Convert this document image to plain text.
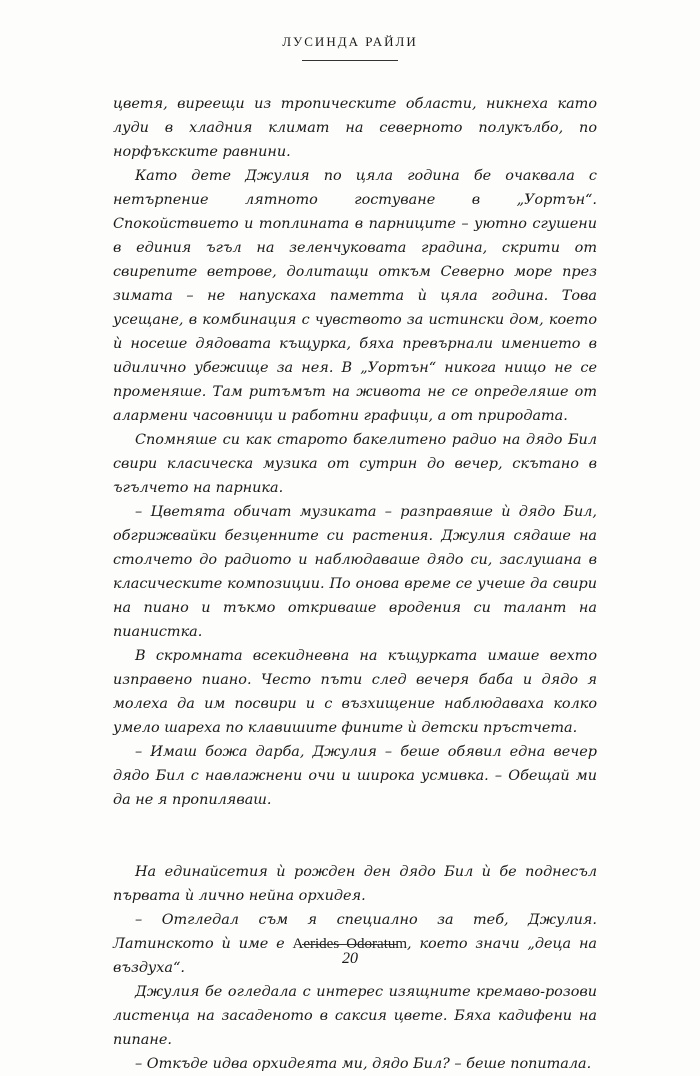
ЛУСИНДА РАЙЛИ

цветя, виреещи из тропическите области, никнеха като луди в хладния климат на северното полукълбо, по норфъкските равнини.

Като дете Джулия по цяла година бе очаквала с нетърпение лятното гостуване в „Уортън“. Спокойствието и топлината в парниците – уютно сгушени в единия ъгъл на зеленчуковата градина, скрити от свирепите ветрове, долитащи откъм Северно море през зимата – не напускаха паметта ѝ цяла година. Това усещане, в комбинация с чувството за истински дом, което ѝ носеше дядовата къщурка, бяха превърнали имението в идилично убежище за нея. В „Уортън“ никога нищо не се променяше. Там ритъмът на живота не се определяше от алармени часовници и работни графици, а от природата.

Спомняше си как старото бакелитено радио на дядо Бил свири класическа музика от сутрин до вечер, скътано в ъгълчето на парника.

– Цветята обичат музиката – разправяше ѝ дядо Бил, обгрижвайки безценните си растения. Джулия сядаше на столчето до радиото и наблюдаваше дядо си, заслушана в класическите композиции. По онова време се учеше да свири на пиано и тъкмо откриваше вродения си талант на пианистка.

В скромната всекидневна на къщурката имаше вехто изправено пиано. Често пъти след вечеря баба и дядо я молеха да им посвири и с възхищение наблюдаваха колко умело шареха по клавишите фините ѝ детски пръстчета.

– Имаш божа дарба, Джулия – беше обявил една вечер дядо Бил с навлажнени очи и широка усмивка. – Обещай ми да не я пропиляваш.

На единайсетия ѝ рожден ден дядо Бил ѝ бе поднесъл първата ѝ лично нейна орхидея.

– Отгледал съм я специално за теб, Джулия. Латинското ѝ име е Aerides Odoratum, което значи „деца на въздуха“.

Джулия бе огледала с интерес изящните кремаво-розови листенца на засаденото в саксия цвете. Бяха кадифени на пипане.

– Откъде идва орхидеята ми, дядо Бил? – беше попитала.

20
